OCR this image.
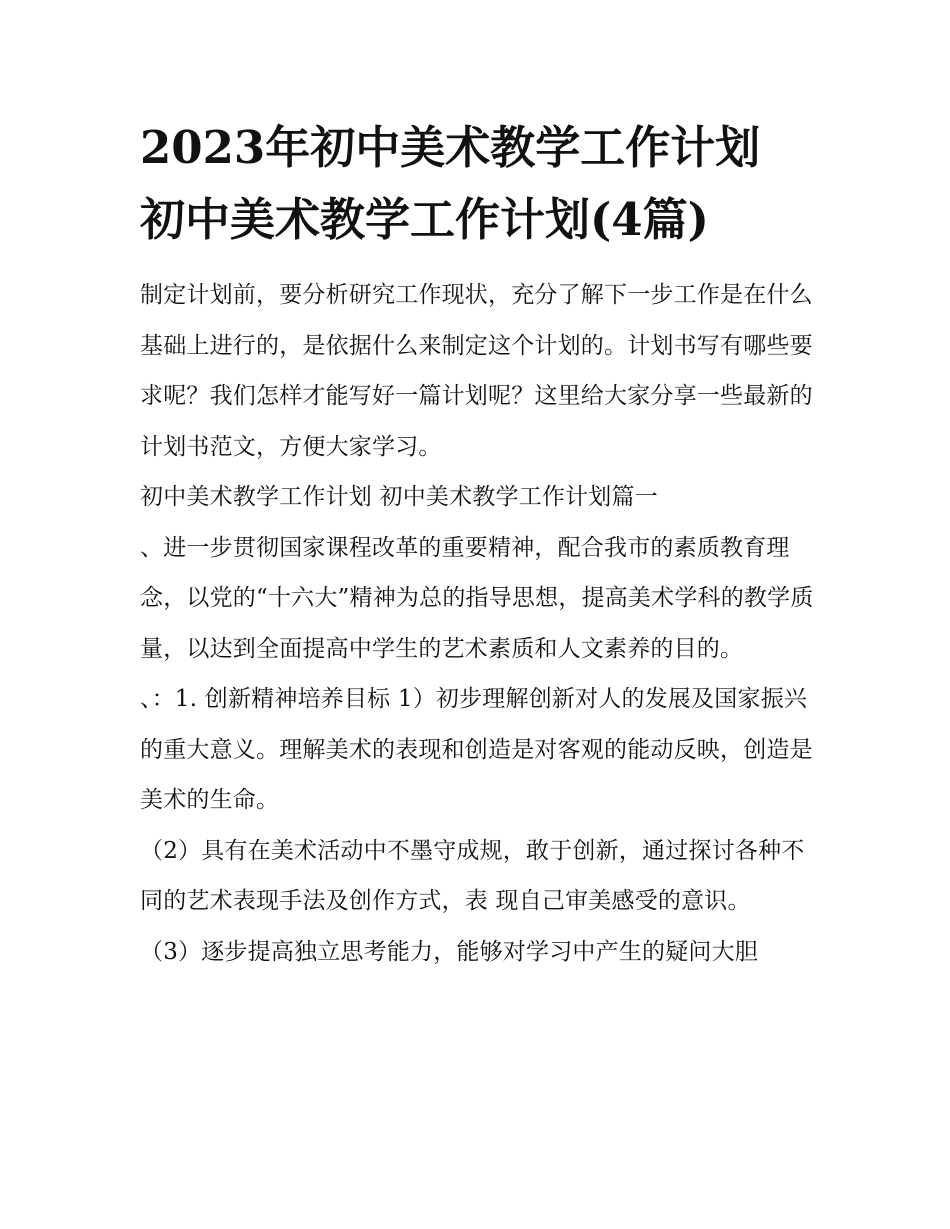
2023年初中美术教学工作计划
初中美术教学工作计划(4篇)

制定计划前，要分析研究工作现状，充分了解下一步工作是在什么基础上进行的，是依据什么来制定这个计划的。计划书写有哪些要求呢？我们怎样才能写好一篇计划呢？这里给大家分享一些最新的计划书范文，方便大家学习。

初中美术教学工作计划 初中美术教学工作计划篇一

、进一步贯彻国家课程改革的重要精神，配合我市的素质教育理念，以党的“十六大”精神为总的指导思想，提高美术学科的教学质量，以达到全面提高中学生的艺术素质和人文素养的目的。

、：1. 创新精神培养目标 1）初步理解创新对人的发展及国家振兴的重大意义。理解美术的表现和创造是对客观的能动反映，创造是美术的生命。

（2）具有在美术活动中不墨守成规，敢于创新，通过探讨各种不同的艺术表现手法及创作方式，表 现自己审美感受的意识。

（3）逐步提高独立思考能力，能够对学习中产生的疑问大胆
